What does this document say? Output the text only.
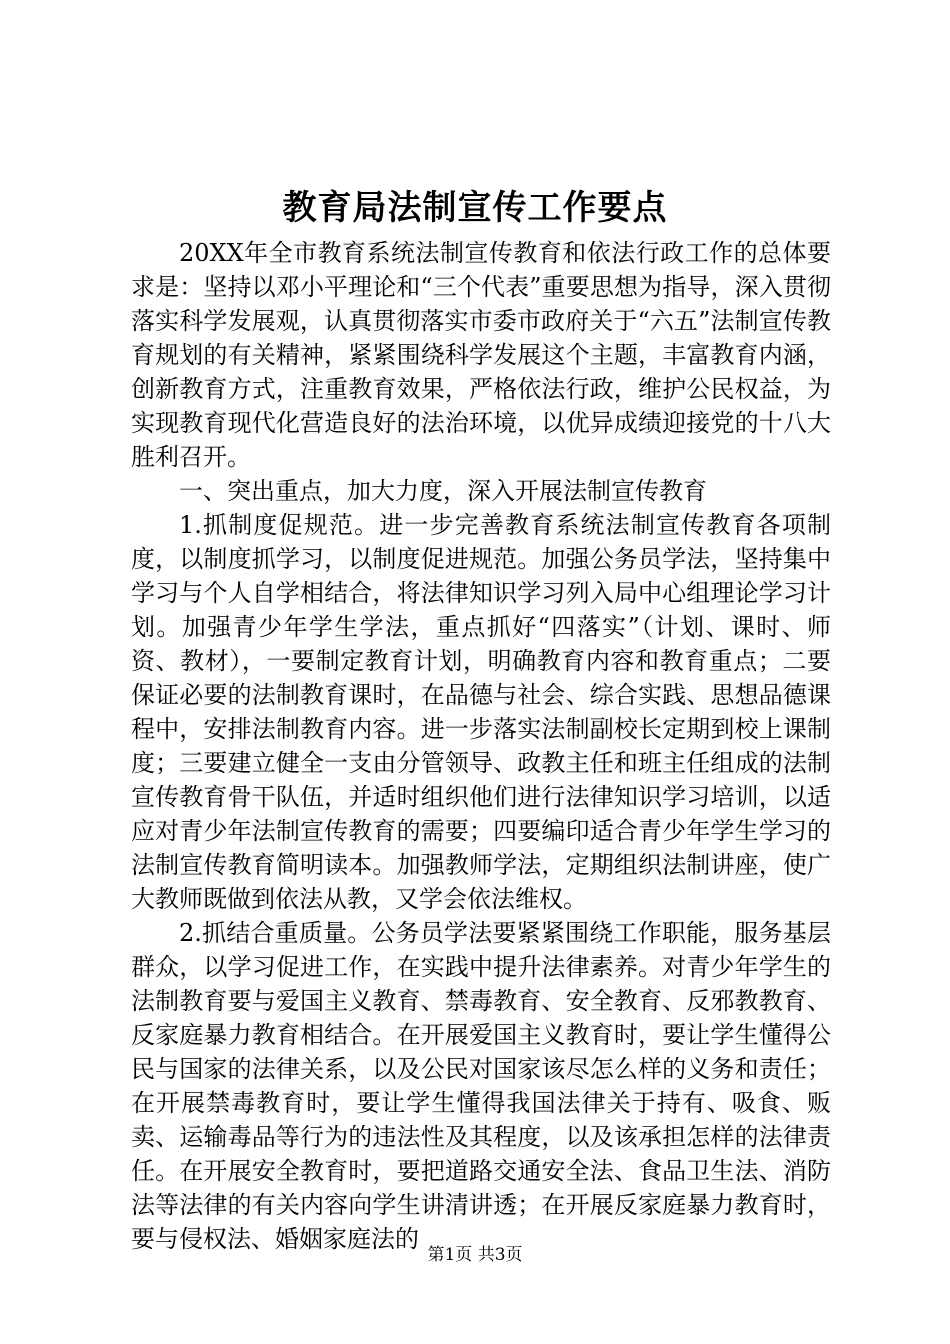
教育局法制宣传工作要点

20XX年全市教育系统法制宣传教育和依法行政工作的总体要求是：坚持以邓小平理论和“三个代表”重要思想为指导，深入贯彻落实科学发展观，认真贯彻落实市委市政府关于“六五”法制宣传教育规划的有关精神，紧紧围绕科学发展这个主题，丰富教育内涵，创新教育方式，注重教育效果，严格依法行政，维护公民权益，为实现教育现代化营造良好的法治环境，以优异成绩迎接党的十八大胜利召开。

一、突出重点，加大力度，深入开展法制宣传教育

1.抓制度促规范。进一步完善教育系统法制宣传教育各项制度，以制度抓学习，以制度促进规范。加强公务员学法，坚持集中学习与个人自学相结合，将法律知识学习列入局中心组理论学习计划。加强青少年学生学法，重点抓好“四落实”（计划、课时、师资、教材），一要制定教育计划，明确教育内容和教育重点；二要保证必要的法制教育课时，在品德与社会、综合实践、思想品德课程中，安排法制教育内容。进一步落实法制副校长定期到校上课制度；三要建立健全一支由分管领导、政教主任和班主任组成的法制宣传教育骨干队伍，并适时组织他们进行法律知识学习培训，以适应对青少年法制宣传教育的需要；四要编印适合青少年学生学习的法制宣传教育简明读本。加强教师学法，定期组织法制讲座，使广大教师既做到依法从教，又学会依法维权。

2.抓结合重质量。公务员学法要紧紧围绕工作职能，服务基层群众，以学习促进工作，在实践中提升法律素养。对青少年学生的法制教育要与爱国主义教育、禁毒教育、安全教育、反邪教教育、反家庭暴力教育相结合。在开展爱国主义教育时，要让学生懂得公民与国家的法律关系，以及公民对国家该尽怎么样的义务和责任；在开展禁毒教育时，要让学生懂得我国法律关于持有、吸食、贩卖、运输毒品等行为的违法性及其程度，以及该承担怎样的法律责任。在开展安全教育时，要把道路交通安全法、食品卫生法、消防法等法律的有关内容向学生讲清讲透；在开展反家庭暴力教育时，要与侵权法、婚姻家庭法的

第1页 共3页
